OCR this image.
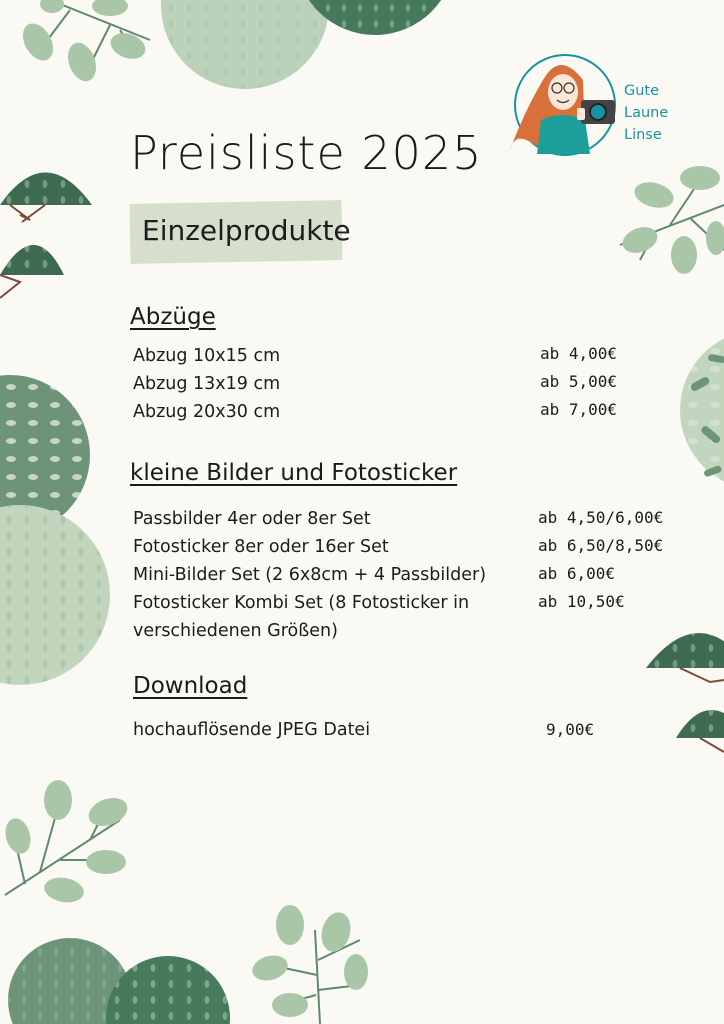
Gute
Laune
Linse
Preisliste 2025
Einzelprodukte
Abzüge
Abzug 10x15 cm	ab 4,00€
Abzug 13x19 cm	ab 5,00€
Abzug 20x30 cm	ab 7,00€
kleine Bilder und Fotosticker
Passbilder 4er oder 8er Set	ab 4,50/6,00€
Fotosticker 8er oder 16er Set	ab 6,50/8,50€
Mini-Bilder Set (2 6x8cm + 4 Passbilder)	ab 6,00€
Fotosticker Kombi Set (8 Fotosticker in verschiedenen Größen)
ab 10,50€
Download
hochauflösende JPEG Datei	9,00€
